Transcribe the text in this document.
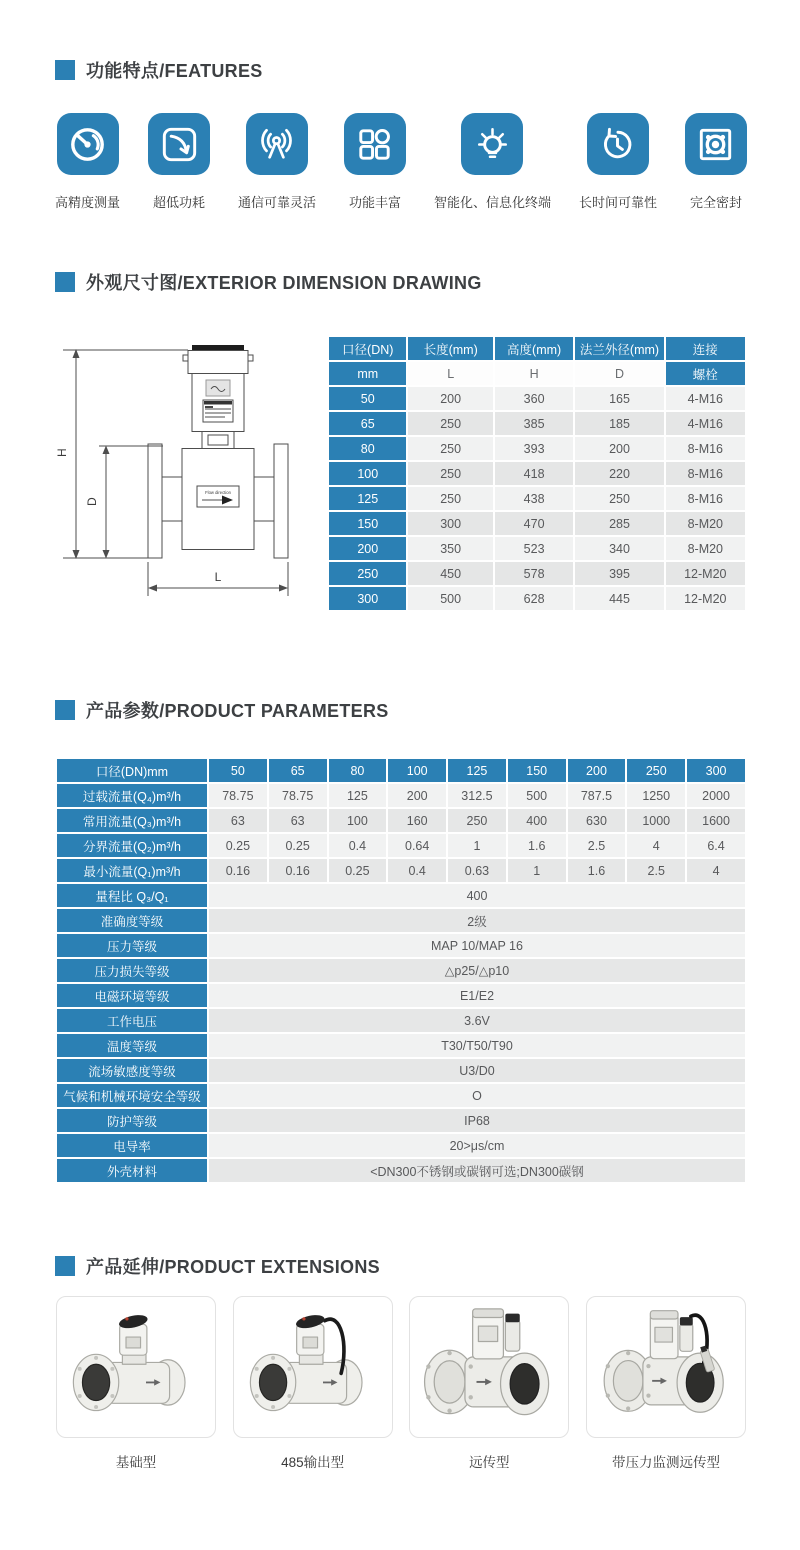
功能特点/FEATURES
高精度测量	超低功耗	通信可靠灵活	功能丰富	智能化、信息化终端 长时间可靠性	完全密封
外观尺寸图/EXTERIOR DIMENSION DRAWING
H
D
Flow direction
L
口径(DN)	长度(mm)	高度(mm)	法兰外径(mm)	连接
mm	L	H	D	螺栓
50	200	360	165	4-M16
65	250	385	185	4-M16
80	250	393	200	8-M16
100	250	418	220	8-M16
125	250	438	250	8-M16
150	300	470	285	8-M20
200	350	523	340	8-M20
250	450	578	395	12-M20
300	500	628	445	12-M20
产品参数/PRODUCT PARAMETERS
口径(DN)mm	50	65	80	100	125	150	200	250	300
过载流量(Q₄)m³/h	78.75	78.75	125	200	312.5	500	787.5	1250	2000
常用流量(Q₃)m³/h	63	63	100	160	250	400	630	1000	1600
分界流量(Q₂)m³/h	0.25	0.25	0.4	0.64	1	1.6	2.5	4	6.4
最小流量(Q₁)m³/h	0.16	0.16	0.25	0.4	0.63	1	1.6	2.5	4
量程比 Q₃/Q₁	400								
准确度等级	2级								
压力等级	MAP 10/MAP 16								
压力损失等级	△p25/△p10								
电磁环境等级	E1/E2								
工作电压	3.6V								
温度等级	T30/T50/T90								
流场敏感度等级	U3/D0								
气候和机械环境安全等级	O								
防护等级	IP68								
电导率	20>μs/cm								
外壳材料	<DN300不锈钢或碳钢可选;DN300碳钢								
产品延伸/PRODUCT EXTENSIONS
基础型	485输出型	远传型	带压力监测远传型
